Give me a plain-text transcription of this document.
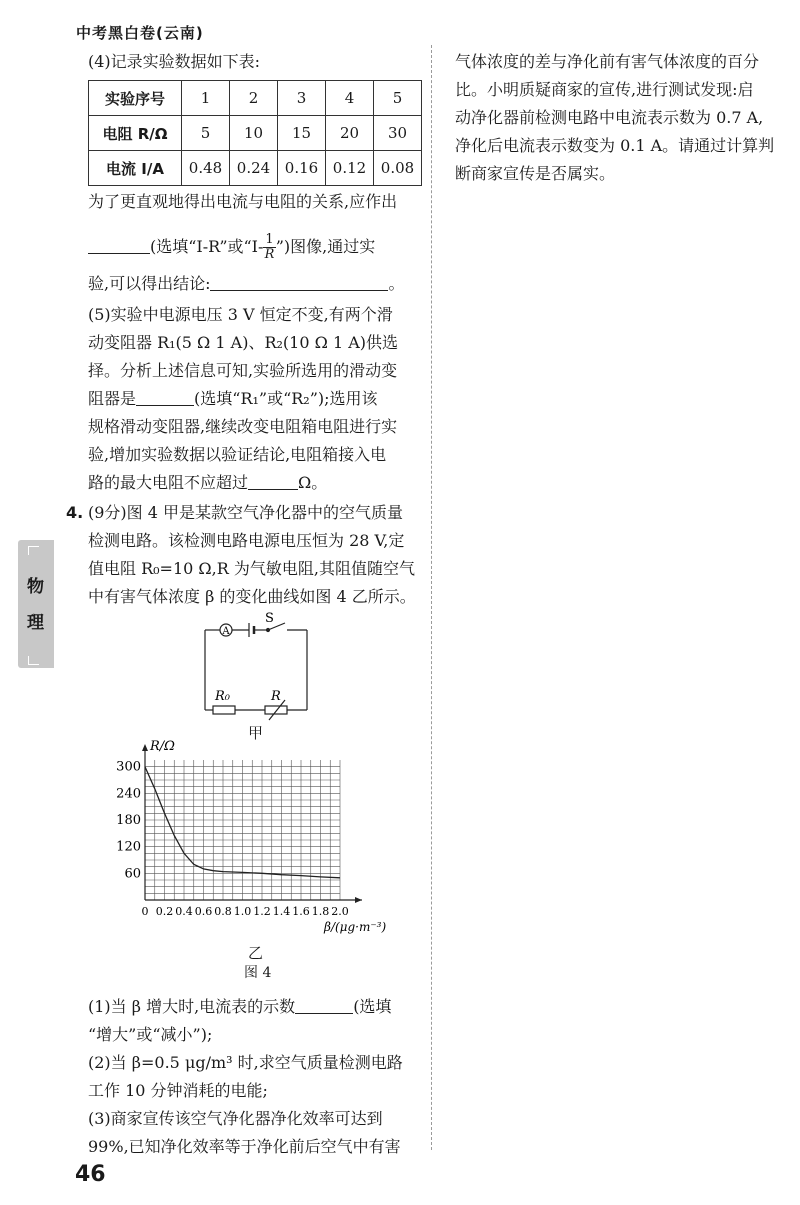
中考黑白卷(云南)
(4)记录实验数据如下表:
实验序号	1	2	3	4	5
电阻 R/Ω	5	10	15	20	30
电流 I/A	0.48	0.24	0.16	0.12	0.08
为了更直观地得出电流与电阻的关系,应作出
(选填“I-R”或“$I- \frac{1}{R}$ ”)图像,通过实
验,可以得出结论:	。
(5)实验中电源电压 3 V 恒定不变,有两个滑
动变阻器 R₁(5 Ω 1 A)、R₂(10 Ω 1 A)供选
择。分析上述信息可知,实验所选用的滑动变
阻器是	(选填“R₁”或“R₂”);选用该
规格滑动变阻器,继续改变电阻箱电阻进行实
验,增加实验数据以验证结论,电阻箱接入电
路的最大电阻不应超过	Ω。
4. (9分)图 4 甲是某款空气净化器中的空气质量
检测电路。该检测电路电源电压恒为 28 V,定
值电阻 R₀=10 Ω,R 为气敏电阻,其阻值随空气
中有害气体浓度 β 的变化曲线如图 4 乙所示。
A
S
R₀	R
甲
60
120
180
240
300
0 0.2 0.4 0.6 0.8 1.0 1.2 1.4 1.6 1.8 2.0
R/Ω
β/(μg·m⁻³)
乙
图 4
(1)当 β 增大时,电流表的示数	(选填
“增大”或“减小”);
(2)当 β=0.5 μg/m³ 时,求空气质量检测电路
工作 10 分钟消耗的电能;
(3)商家宣传该空气净化器净化效率可达到
99%,已知净化效率等于净化前后空气中有害
气体浓度的差与净化前有害气体浓度的百分
比。小明质疑商家的宣传,进行测试发现:启
动净化器前检测电路中电流表示数为 0.7 A,
净化后电流表示数变为 0.1 A。请通过计算判
断商家宣传是否属实。
物
理
46
